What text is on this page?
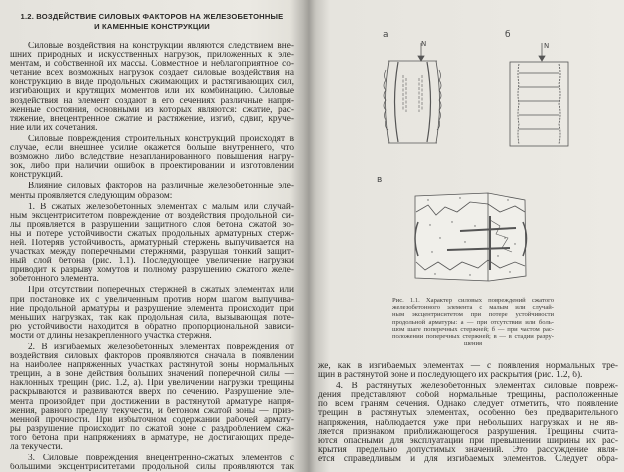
1.2. ВОЗДЕЙСТВИЕ СИЛОВЫХ ФАКТОРОВ НА ЖЕЛЕЗОБЕТОННЫЕ
И КАМЕННЫЕ КОНСТРУКЦИИ
Силовые воздействия на конструкции являются следствием вне-
шних природных и искусственных нагрузок, приложенных к эле-
ментам, и собственной их массы. Совместное и неблагоприятное со-
четание всех возможных нагрузок создает силовые воздействия на
конструкцию в виде продольных сжимающих и растягивающих сил,
изгибающих и крутящих моментов или их комбинацию. Силовые
воздействия на элемент создают в его сечениях различные напря-
женные состояния, основными из которых являются: сжатие, рас-
тяжение, внецентренное сжатие и растяжение, изгиб, сдвиг, круче-
ние или их сочетания.
Силовые повреждения строительных конструкций происходят в
случае, если внешнее усилие окажется больше внутреннего, что
возможно либо вследствие незапланированного повышения нагру-
зок, либо при наличии ошибок в проектировании и изготовлении
конструкций.
Влияние силовых факторов на различные железобетонные эле-
менты проявляется следующим образом:
1. В сжатых железобетонных элементах с малым или случай-
ным эксцентриситетом повреждение от воздействия продольной си-
лы проявляется в разрушении защитного слоя бетона сжатой зо-
ны и потере устойчивости сжатых продольных арматурных стерж-
ней. Потеряв устойчивость, арматурный стержень выпучивается на
участках между поперечными стержнями, разрушая тонкий защит-
ный слой бетона (рис. 1.1). Последующее увеличение нагрузки
приводит к разрыву хомутов и полному разрушению сжатого желе-
зобетонного элемента.
При отсутствии поперечных стержней в сжатых элементах или
при постановке их с увеличенным против норм шагом выпучива-
ние продольной арматуры и разрушение элемента происходит при
меньших нагрузках, так как продольная сила, вызывающая поте-
рю устойчивости находится в обратно пропорциональной зависи-
мости от длины незакрепленного участка стержня.
2. В изгибаемых железобетонных элементах повреждения от
воздействия силовых факторов проявляются сначала в появлении
на наиболее напряженных участках растянутой зоны нормальных
трещин, а в зоне действия больших значений поперечной силы —
наклонных трещин (рис. 1.2, а). При увеличении нагрузки трещины
раскрываются и развиваются вверх по сечению. Разрушение эле-
мента произойдет при достижении в растянутой арматуре напря-
жения, равного пределу текучести, и бетоном сжатой зоны — приз-
менной прочности. При избыточном содержании рабочей армату-
ры разрушение происходит по сжатой зоне с раздроблением сжа-
того бетона при напряжениях в арматуре, не достигающих преде-
ла текучести.
3. Силовые повреждения внецентренно-сжатых элементов с
большими эксцентриситетами продольной силы проявляются так
а	б
N	N
в
Рис. 1.1. Характер силовых повреждений сжатого
железобетонного элемента с малым или случай-
ным эксцентриситетом при потере устойчивости
продольной арматуры: а — при отсутствии или боль-
шом шаге поперечных стержней; б — при частом рас-
положении поперечных стержней; в — в стадии разру-
шения
же, как в изгибаемых элементах — с появления нормальных тре-
щин в растянутой зоне и последующего их раскрытия (рис. 1.2, б).
4. В растянутых железобетонных элементах силовые повреж-
дения представляют собой нормальные трещины, расположенные
по всем граням сечения. Однако следует отметить, что появление
трещин в растянутых элементах, особенно без предварительного
напряжения, наблюдается уже при небольших нагрузках и не яв-
ляется признаком приближающегося разрушения. Трещины счита-
ются опасными для эксплуатации при превышении ширины их рас-
крытия предельно допустимых значений. Это рассуждение явля-
ется справедливым и для изгибаемых элементов. Следует обра-
